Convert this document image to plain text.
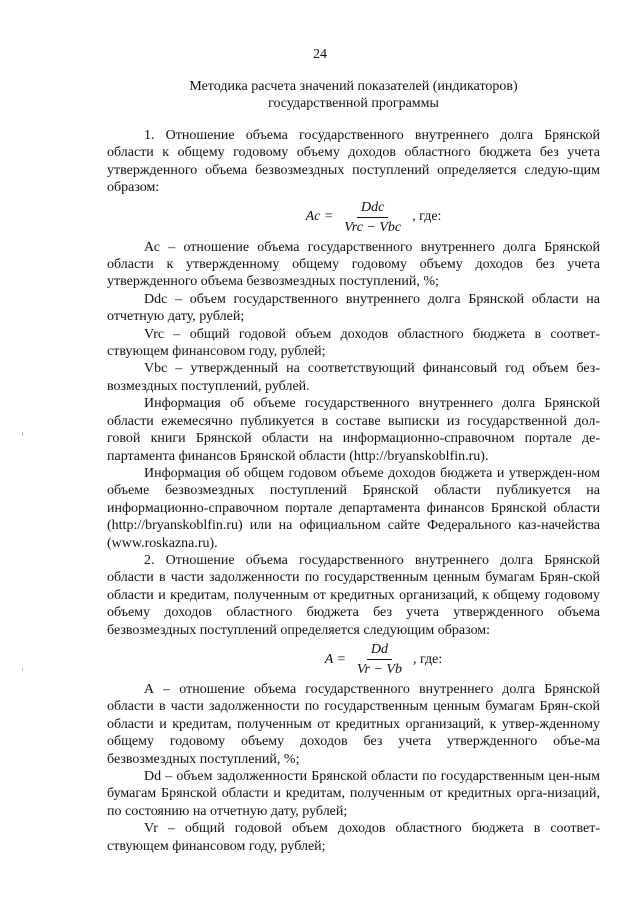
24
Методика расчета значений показателей (индикаторов)
государственной программы

1. Отношение объема государственного внутреннего долга Брянской области к общему годовому объему доходов областного бюджета без учета утвержденного объема безвозмездных поступлений определяется следую-щим образом:

$Ac = \frac{\text{Ddc}}{\text{Vrc − Vbc}}$ , где:

Ас – отношение объема государственного внутреннего долга Брянской области к утвержденному общему годовому объему доходов без учета утвержденного объема безвозмездных поступлений, %;

Ddc – объем государственного внутреннего долга Брянской области на отчетную дату, рублей;

Vrc – общий годовой объем доходов областного бюджета в соответ-ствующем финансовом году, рублей;

Vbc – утвержденный на соответствующий финансовый год объем без-возмездных поступлений, рублей.

Информация об объеме государственного внутреннего долга Брянской области ежемесячно публикуется в составе выписки из государственной дол-говой книги Брянской области на информационно-справочном портале де-партамента финансов Брянской области (http://bryanskoblfin.ru).

Информация об общем годовом объеме доходов бюджета и утвержден-ном объеме безвозмездных поступлений Брянской области публикуется на информационно-справочном портале департамента финансов Брянской области (http://bryanskoblfin.ru) или на официальном сайте Федерального каз-начейства (www.roskazna.ru).

2. Отношение объема государственного внутреннего долга Брянской области в части задолженности по государственным ценным бумагам Брян-ской области и кредитам, полученным от кредитных организаций, к общему годовому объему доходов областного бюджета без учета утвержденного объема безвозмездных поступлений определяется следующим образом:

$A = \frac{Dd}{Vr - Vb}$ , где:

А – отношение объема государственного внутреннего долга Брянской области в части задолженности по государственным ценным бумагам Брян-ской области и кредитам, полученным от кредитных организаций, к утвер-жденному общему годовому объему доходов без учета утвержденного объе-ма безвозмездных поступлений, %;

Dd – объем задолженности Брянской области по государственным цен-ным бумагам Брянской области и кредитам, полученным от кредитных орга-низаций, по состоянию на отчетную дату, рублей;

Vr – общий годовой объем доходов областного бюджета в соответ-ствующем финансовом году, рублей;
